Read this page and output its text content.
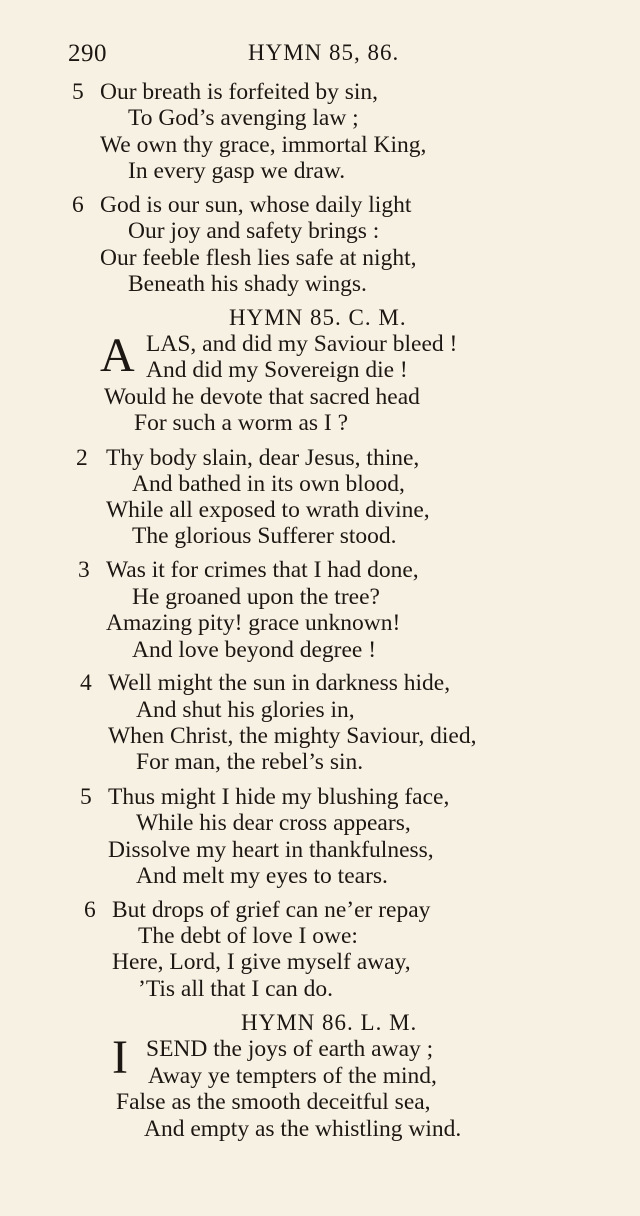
290	HYMN 85, 86.
5 Our breath is forfeited by sin,
To God’s avenging law ;
We own thy grace, immortal King,
In every gasp we draw.
6 God is our sun, whose daily light
Our joy and safety brings :
Our feeble flesh lies safe at night,
Beneath his shady wings.
HYMN 85. C. M.
A LAS, and did my Saviour bleed !
And did my Sovereign die !
Would he devote that sacred head
For such a worm as I ?
2 Thy body slain, dear Jesus, thine,
And bathed in its own blood,
While all exposed to wrath divine,
The glorious Sufferer stood.
3 Was it for crimes that I had done,
He groaned upon the tree?
Amazing pity! grace unknown!
And love beyond degree !
4 Well might the sun in darkness hide,
And shut his glories in,
When Christ, the mighty Saviour, died,
For man, the rebel’s sin.
5 Thus might I hide my blushing face,
While his dear cross appears,
Dissolve my heart in thankfulness,
And melt my eyes to tears.
6 But drops of grief can ne’er repay
The debt of love I owe:
Here, Lord, I give myself away,
’Tis all that I can do.
HYMN 86. L. M.
I SEND the joys of earth away ;
Away ye tempters of the mind,
False as the smooth deceitful sea,
And empty as the whistling wind.
